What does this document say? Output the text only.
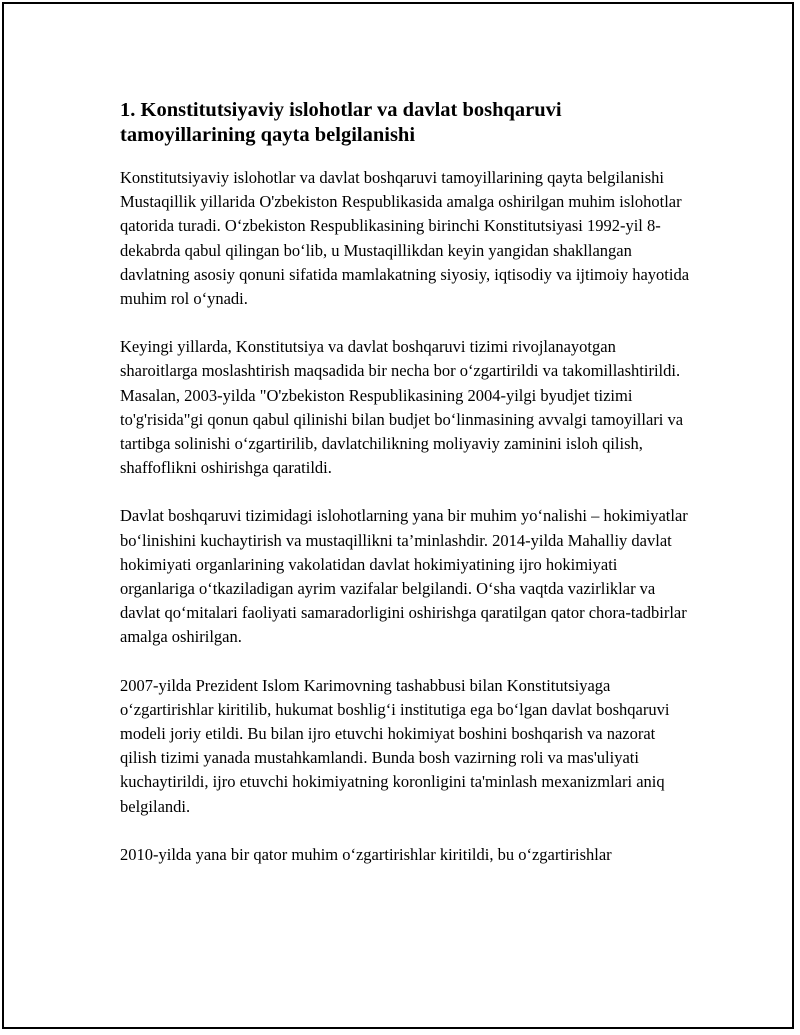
1. Konstitutsiyaviy islohotlar va davlat boshqaruvi tamoyillarining qayta belgilanishi

Konstitutsiyaviy islohotlar va davlat boshqaruvi tamoyillarining qayta belgilanishi Mustaqillik yillarida O'zbekiston Respublikasida amalga oshirilgan muhim islohotlar qatorida turadi. O‘zbekiston Respublikasining birinchi Konstitutsiyasi 1992-yil 8-dekabrda qabul qilingan bo‘lib, u Mustaqillikdan keyin yangidan shakllangan davlatning asosiy qonuni sifatida mamlakatning siyosiy, iqtisodiy va ijtimoiy hayotida muhim rol o‘ynadi.

Keyingi yillarda, Konstitutsiya va davlat boshqaruvi tizimi rivojlanayotgan sharoitlarga moslashtirish maqsadida bir necha bor o‘zgartirildi va takomillashtirildi. Masalan, 2003-yilda "O'zbekiston Respublikasining 2004-yilgi byudjet tizimi to'g'risida"gi qonun qabul qilinishi bilan budjet bo‘linmasining avvalgi tamoyillari va tartibga solinishi o‘zgartirilib, davlatchilikning moliyaviy zaminini isloh qilish, shaffoflikni oshirishga qaratildi.

Davlat boshqaruvi tizimidagi islohotlarning yana bir muhim yo‘nalishi – hokimiyatlar bo‘linishini kuchaytirish va mustaqillikni ta’minlashdir. 2014-yilda Mahalliy davlat hokimiyati organlarining vakolatidan davlat hokimiyatining ijro hokimiyati organlariga o‘tkaziladigan ayrim vazifalar belgilandi. O‘sha vaqtda vazirliklar va davlat qo‘mitalari faoliyati samaradorligini oshirishga qaratilgan qator chora-tadbirlar amalga oshirilgan.

2007-yilda Prezident Islom Karimovning tashabbusi bilan Konstitutsiyaga o‘zgartirishlar kiritilib, hukumat boshlig‘i institutiga ega bo‘lgan davlat boshqaruvi modeli joriy etildi. Bu bilan ijro etuvchi hokimiyat boshini boshqarish va nazorat qilish tizimi yanada mustahkamlandi. Bunda bosh vazirning roli va mas'uliyati kuchaytirildi, ijro etuvchi hokimiyatning koronligini ta'minlash mexanizmlari aniq belgilandi.

2010-yilda yana bir qator muhim o‘zgartirishlar kiritildi, bu o‘zgartirishlar
